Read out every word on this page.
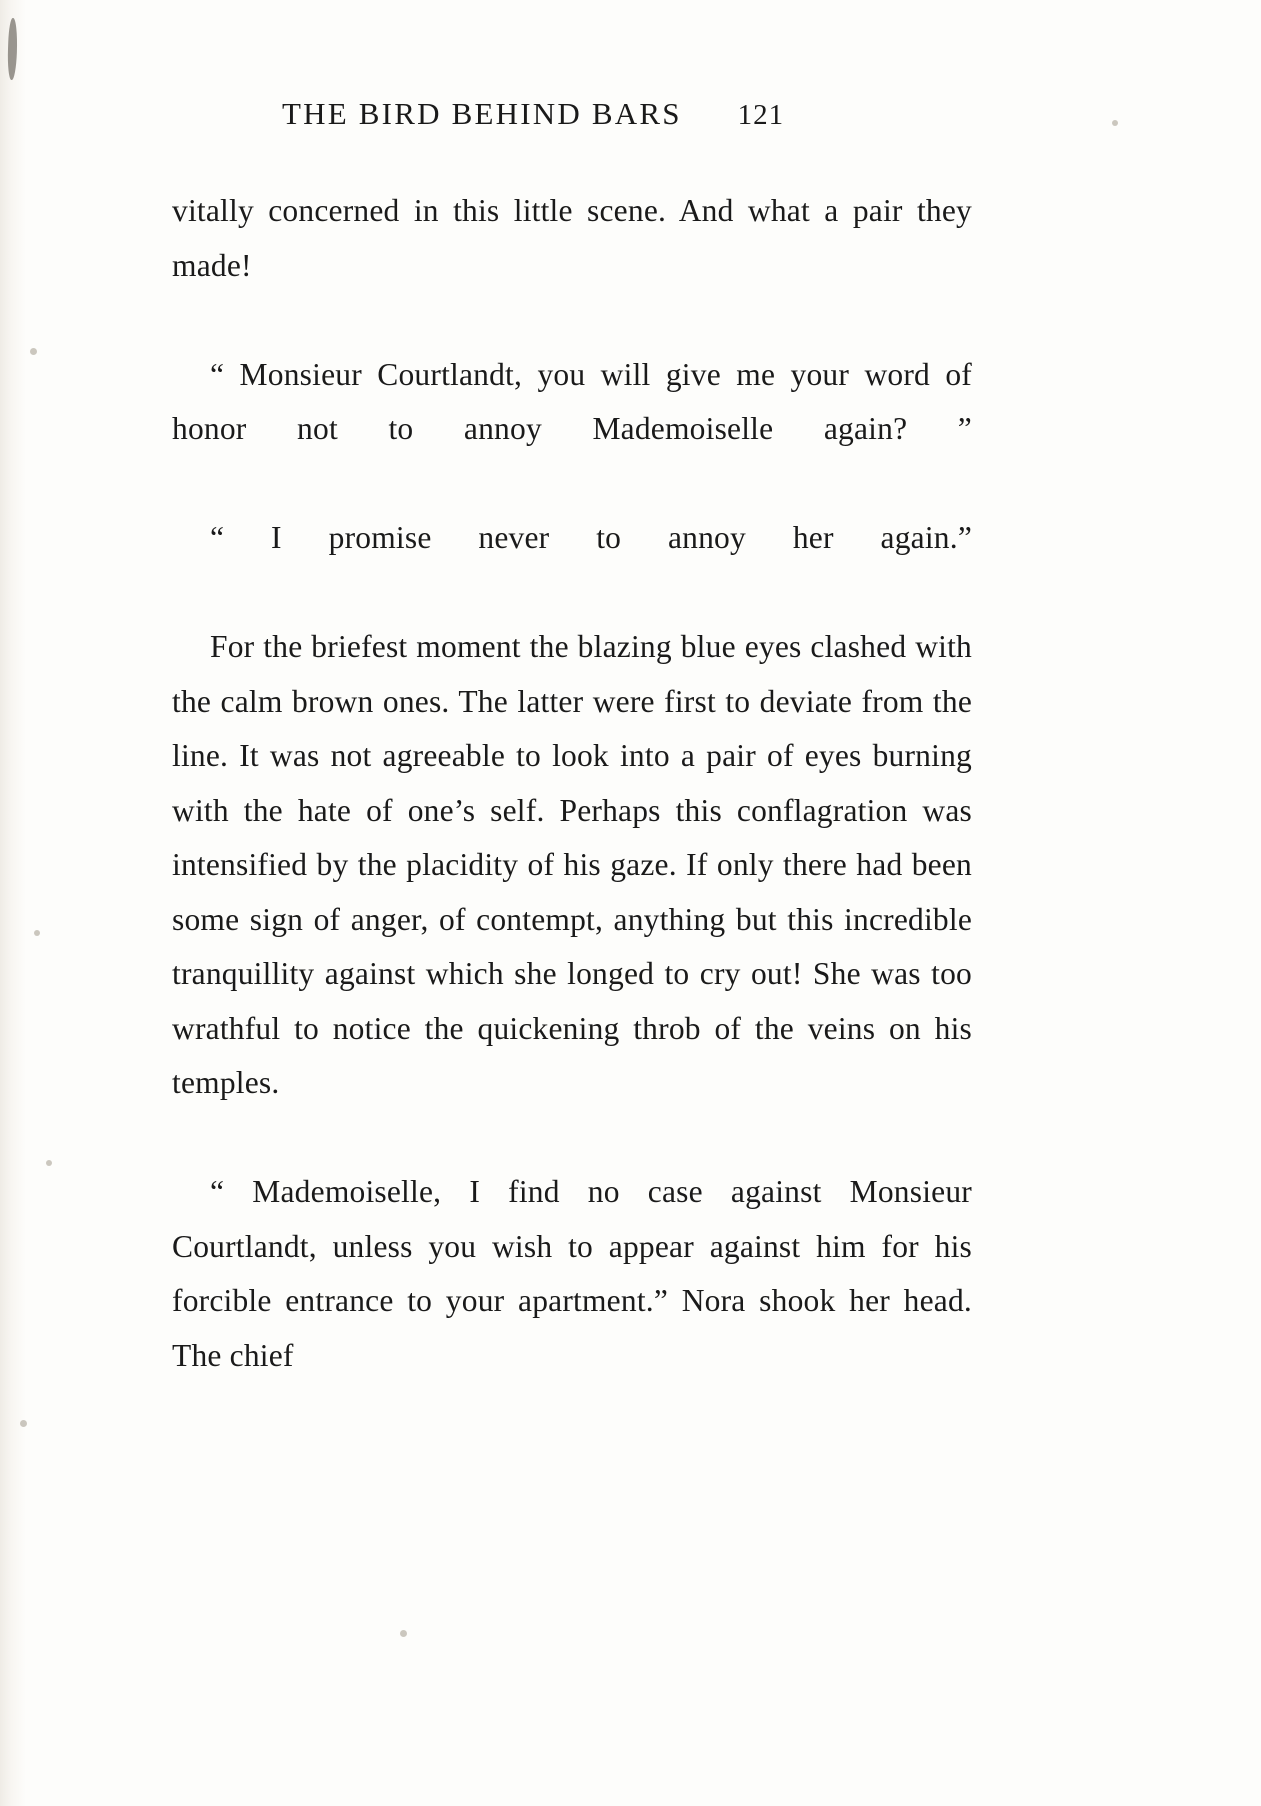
THE BIRD BEHIND BARS 121

vitally concerned in this little scene. And what a pair they made!

“ Monsieur Courtlandt, you will give me your word of honor not to annoy Mademoiselle again? ”

“ I promise never to annoy her again.”

For the briefest moment the blazing blue eyes clashed with the calm brown ones. The latter were first to deviate from the line. It was not agreeable to look into a pair of eyes burning with the hate of one’s self. Perhaps this conflagration was intensified by the placidity of his gaze. If only there had been some sign of anger, of contempt, anything but this incredible tranquillity against which she longed to cry out! She was too wrathful to notice the quickening throb of the veins on his temples.

“ Mademoiselle, I find no case against Monsieur Courtlandt, unless you wish to appear against him for his forcible entrance to your apartment.” Nora shook her head. The chief
